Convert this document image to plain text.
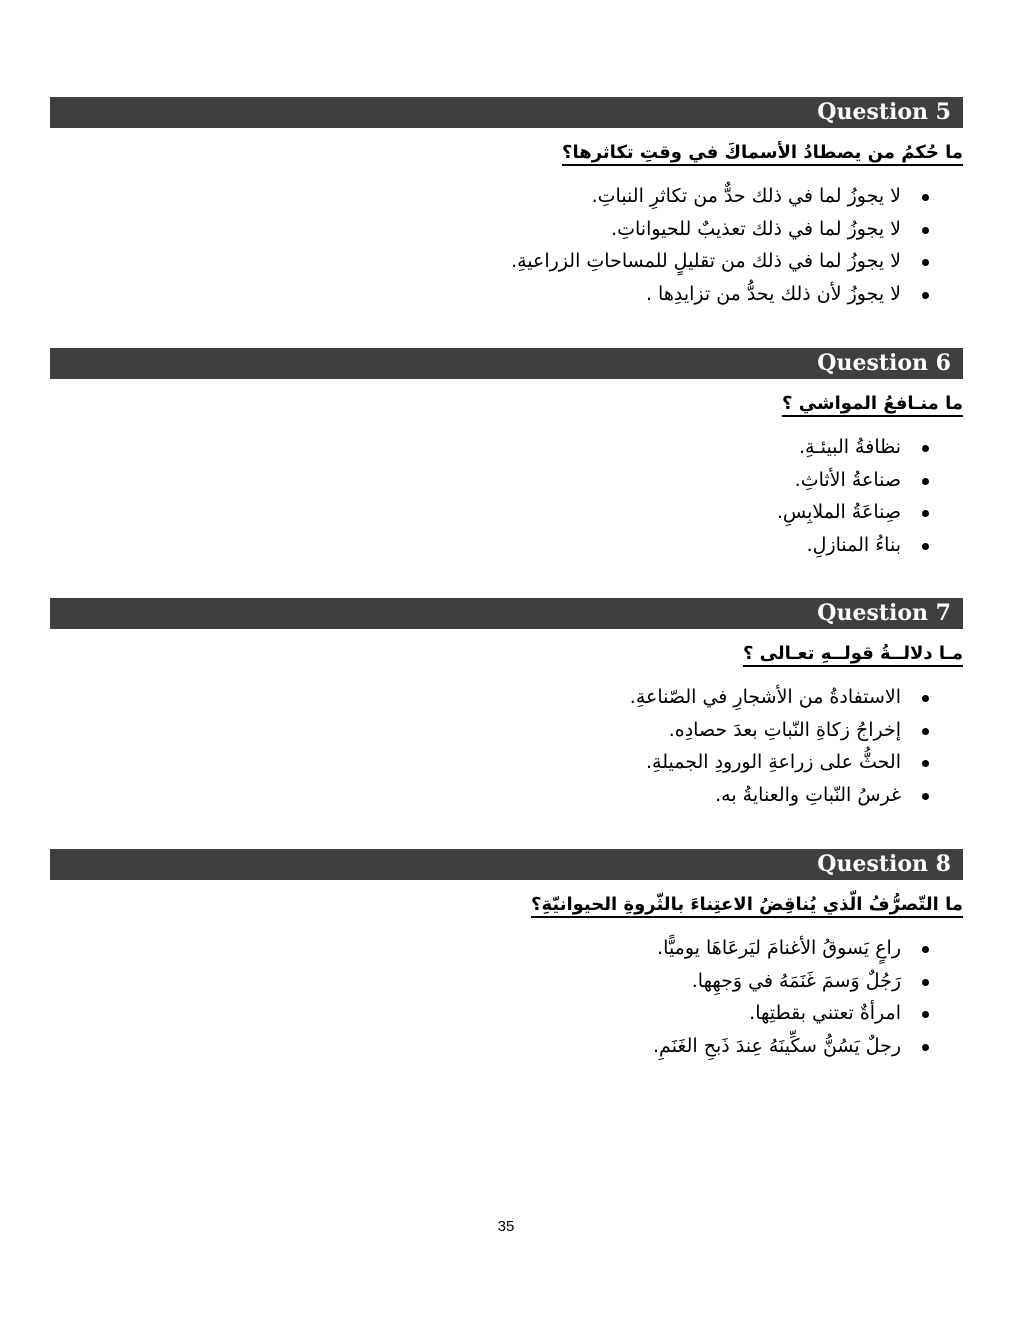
Question 5
ما حُكمُ من يصطادُ الأسماكَ في وقتِ تكاثرها؟
لا يجوزُ لما في ذلك حدٌّ من تكاثرِ النباتِ.
لا يجوزُ لما في ذلك تعذيبٌ للحيواناتِ.
لا يجوزُ لما في ذلك من تقليلٍ للمساحاتِ الزراعيةِ.
لا يجوزُ لأن ذلك يحدُّ من تزايدِها .
Question 6
ما منـافعُ المواشي ؟
نظافةُ البيئـةِ.
صناعةُ الأثاثِ.
صِناعَةُ الملابِسِ.
بناءُ المنازلِ.
Question 7
مـا دلالــةُ قولــهِ تعـالى ؟
الاستفادةُ من الأشجارِ في الصّناعةِ.
إخراجُ زكاةِ النّباتِ بعدَ حصادِه.
الحثُّ على زراعةِ الورودِ الجميلةِ.
غرسُ النّباتِ والعنايةُ به.
Question 8
ما التّصرُّفُ الّذي يُناقِضُ الاعتِناءَ بالثّروةِ الحيوانيّةِ؟
راعٍ يَسوقُ الأغنامَ ليَرعَاهَا يوميًّا.
رَجُلٌ وَسمَ غَنَمَهُ في وَجهِها.
امرأةٌ تعتني بقطتِها.
رجلٌ يَسُنُّ سكِّينَهُ عِندَ ذَبحِ الغَنَمِ.
35
